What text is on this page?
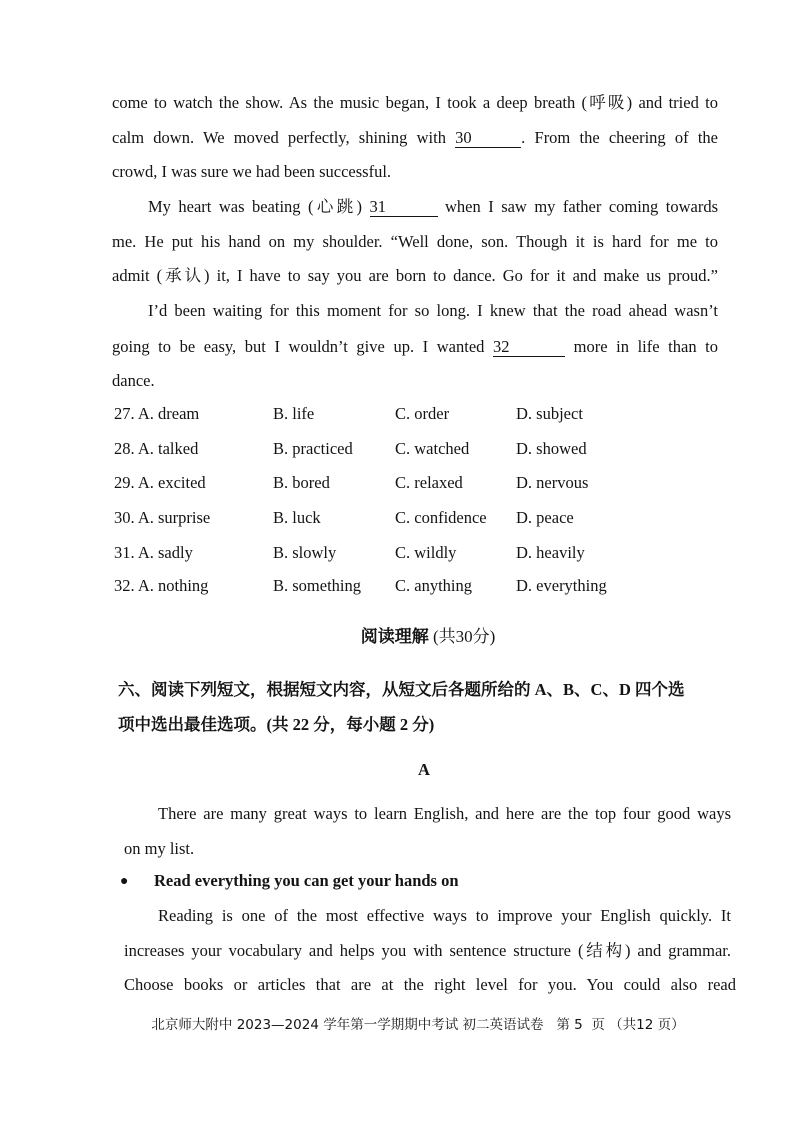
come to watch the show. As the music began, I took a deep breath (呼吸) and tried to
calm down. We moved perfectly, shining with 30	. From the cheering of the
crowd, I was sure we had been successful.
My heart was beating (心跳) 31	when I saw my father coming towards
me. He put his hand on my shoulder. “Well done, son. Though it is hard for me to
admit (承认) it, I have to say you are born to dance. Go for it and make us proud.”
I’d been waiting for this moment for so long. I knew that the road ahead wasn’t
going to be easy, but I wouldn’t give up. I wanted 32	more in life than to
dance.
27. A. dream	B. life	C. order	D. subject
28. A. talked	B. practiced	C. watched	D. showed
29. A. excited	B. bored	C. relaxed	D. nervous
30. A. surprise	B. luck	C. confidence D. peace
31. A. sadly	B. slowly	C. wildly	D. heavily
32. A. nothing	B. something C. anything	D. everything
阅读理解 (共30分)
六、阅读下列短文，根据短文内容，从短文后各题所给的 A、B、C、D 四个选
项中选出最佳选项。(共 22 分，每小题 2 分)
A
There are many great ways to learn English, and here are the top four good ways
on my list.
● Read everything you can get your hands on
Reading is one of the most effective ways to improve your English quickly. It
increases your vocabulary and helps you with sentence structure (结构) and grammar.
Choose books or articles that are at the right level for you. You could also read
北京师大附中 2023—2024 学年第一学期期中考试 初二英语试卷   第 5  页 （共12 页）
